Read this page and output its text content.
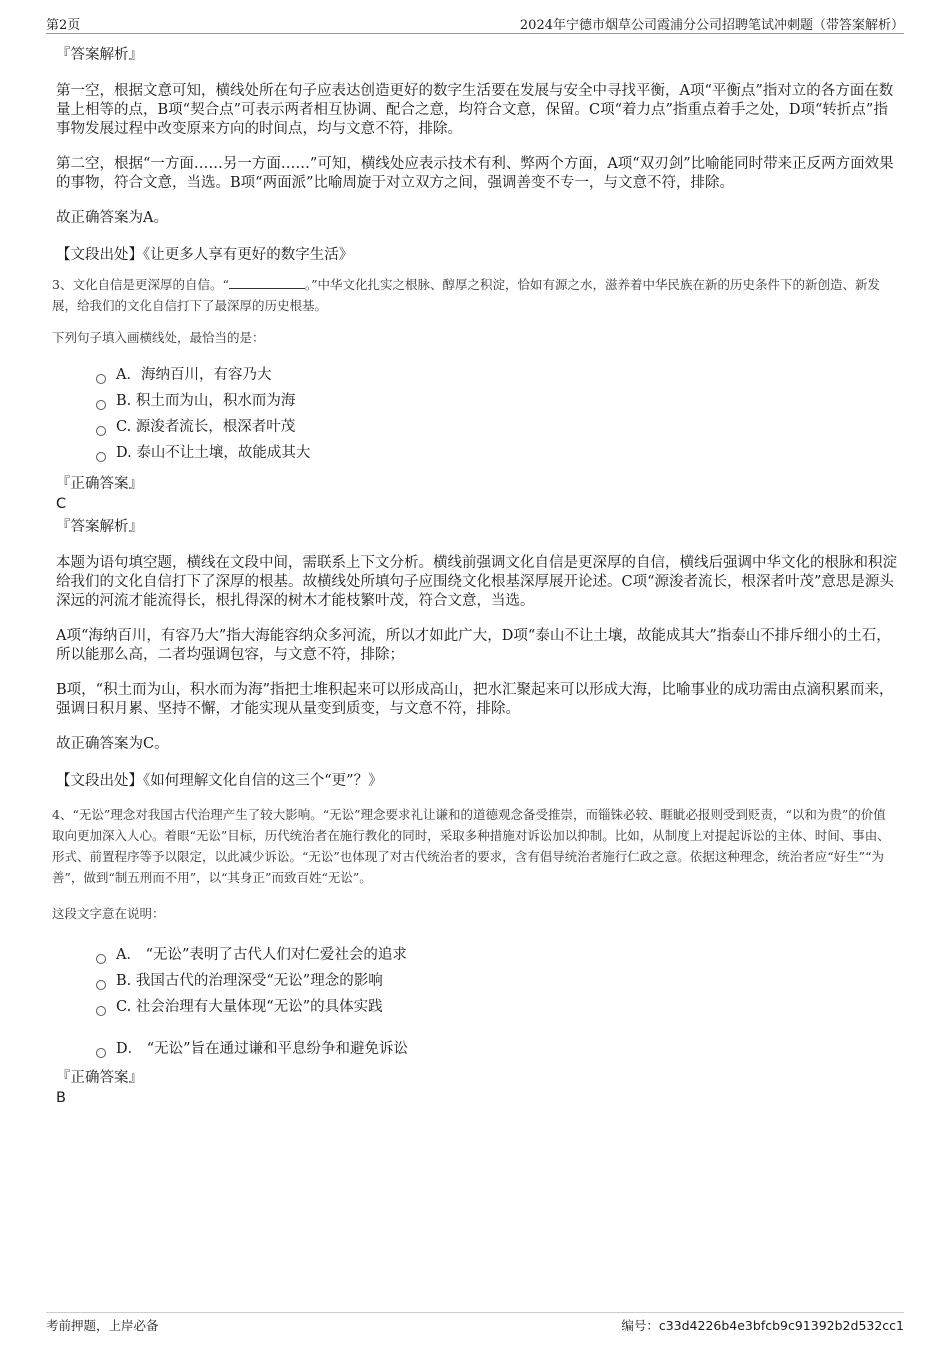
第2页	2024年宁德市烟草公司霞浦分公司招聘笔试冲刺题（带答案解析）
『答案解析』
第一空，根据文意可知，横线处所在句子应表达创造更好的数字生活要在发展与安全中寻找平衡，A项“平衡点”指对立的各方面在数量上相等的点，B项“契合点”可表示两者相互协调、配合之意，均符合文意，保留。C项“着力点”指重点着手之处，D项“转折点”指事物发展过程中改变原来方向的时间点，均与文意不符，排除。
第二空，根据“一方面……另一方面……”可知，横线处应表示技术有利、弊两个方面，A项“双刃剑”比喻能同时带来正反两方面效果的事物，符合文意，当选。B项“两面派”比喻周旋于对立双方之间，强调善变不专一，与文意不符，排除。
故正确答案为A。
【文段出处】《让更多人享有更好的数字生活》
3、文化自信是更深厚的自信。“	。”中华文化扎实之根脉、醇厚之积淀，恰如有源之水，滋养着中华民族在新的历史条件下的新创造、新发展，给我们的文化自信打下了最深厚的历史根基。
下列句子填入画横线处，最恰当的是：
A．海纳百川，有容乃大
B. 积土而为山，积水而为海
C. 源浚者流长，根深者叶茂
D. 泰山不让土壤，故能成其大
『正确答案』
C
『答案解析』
本题为语句填空题，横线在文段中间，需联系上下文分析。横线前强调文化自信是更深厚的自信，横线后强调中华文化的根脉和积淀给我们的文化自信打下了深厚的根基。故横线处所填句子应围绕文化根基深厚展开论述。C项“源浚者流长，根深者叶茂”意思是源头深远的河流才能流得长，根扎得深的树木才能枝繁叶茂，符合文意，当选。
A项“海纳百川，有容乃大”指大海能容纳众多河流，所以才如此广大，D项“泰山不让土壤，故能成其大”指泰山不排斥细小的土石，所以能那么高，二者均强调包容，与文意不符，排除；
B项，“积土而为山，积水而为海”指把土堆积起来可以形成高山，把水汇聚起来可以形成大海，比喻事业的成功需由点滴积累而来，强调日积月累、坚持不懈，才能实现从量变到质变，与文意不符，排除。
故正确答案为C。
【文段出处】《如何理解文化自信的这三个“更”？》
4、“无讼”理念对我国古代治理产生了较大影响。“无讼”理念要求礼让谦和的道德观念备受推崇，而锱铢必较、睚眦必报则受到贬责，“以和为贵”的价值取向更加深入人心。着眼“无讼”目标，历代统治者在施行教化的同时，采取多种措施对诉讼加以抑制。比如，从制度上对提起诉讼的主体、时间、事由、形式、前置程序等予以限定，以此减少诉讼。“无讼”也体现了对古代统治者的要求，含有倡导统治者施行仁政之意。依据这种理念，统治者应“好生”“为善”，做到“制五刑而不用”，以“其身正”而致百姓“无讼”。
这段文字意在说明：
A． “无讼”表明了古代人们对仁爱社会的追求
B. 我国古代的治理深受“无讼”理念的影响
C. 社会治理有大量体现“无讼”的具体实践
D． “无讼”旨在通过谦和平息纷争和避免诉讼
『正确答案』
B
考前押题，上岸必备	编号：c33d4226b4e3bfcb9c91392b2d532cc1
